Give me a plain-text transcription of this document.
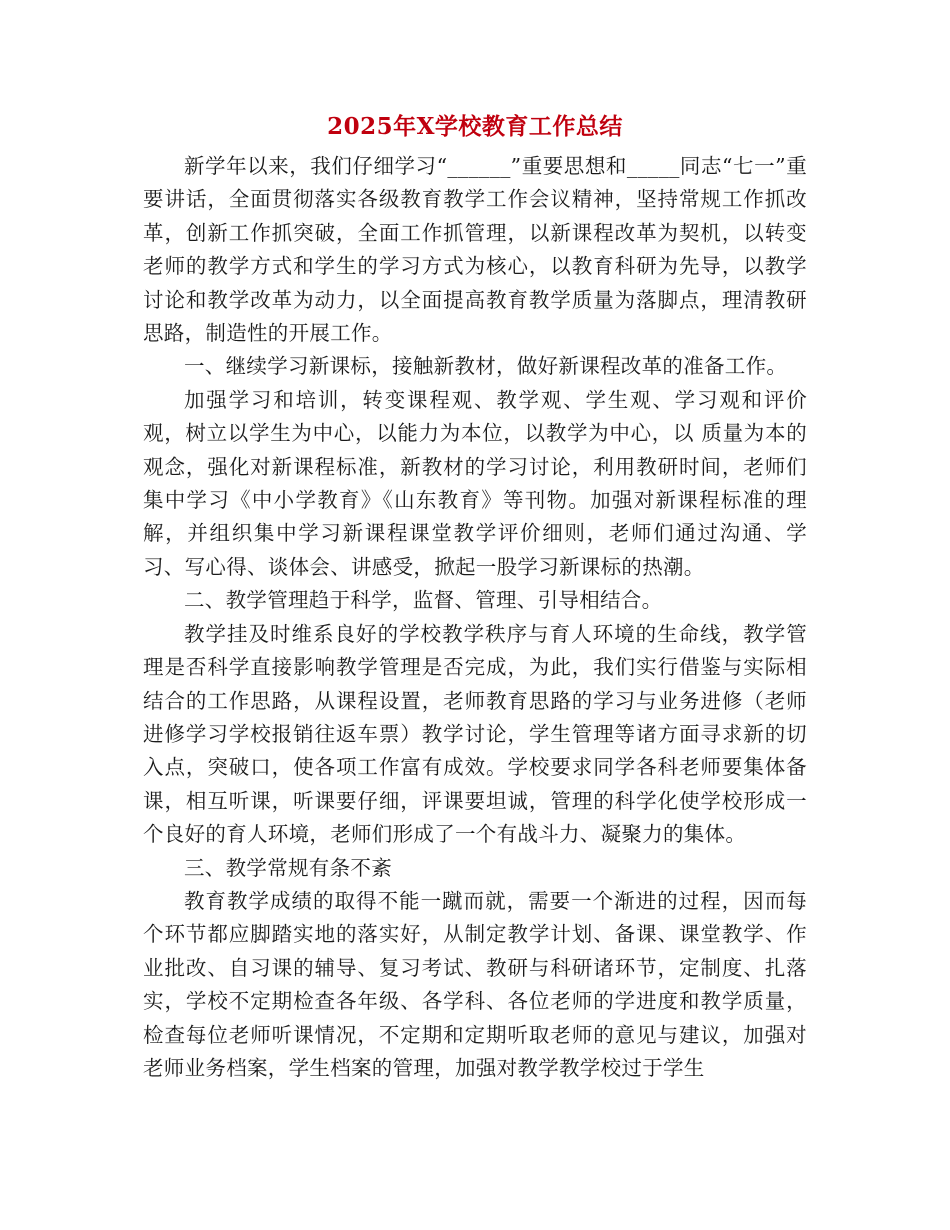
2025年X学校教育工作总结

新学年以来，我们仔细学习“______”重要思想和_____同志“七一”重要讲话，全面贯彻落实各级教育教学工作会议精神，坚持常规工作抓改革，创新工作抓突破，全面工作抓管理，以新课程改革为契机，以转变老师的教学方式和学生的学习方式为核心，以教育科研为先导，以教学讨论和教学改革为动力，以全面提高教育教学质量为落脚点，理清教研思路，制造性的开展工作。

一、继续学习新课标，接触新教材，做好新课程改革的准备工作。

加强学习和培训，转变课程观、教学观、学生观、学习观和评价观，树立以学生为中心，以能力为本位，以教学为中心，以 质量为本的观念，强化对新课程标准，新教材的学习讨论，利用教研时间，老师们集中学习《中小学教育》《山东教育》等刊物。加强对新课程标准的理解，并组织集中学习新课程课堂教学评价细则，老师们通过沟通、学习、写心得、谈体会、讲感受，掀起一股学习新课标的热潮。

二、教学管理趋于科学，监督、管理、引导相结合。

教学挂及时维系良好的学校教学秩序与育人环境的生命线，教学管理是否科学直接影响教学管理是否完成，为此，我们实行借鉴与实际相结合的工作思路，从课程设置，老师教育思路的学习与业务进修（老师进修学习学校报销往返车票）教学讨论，学生管理等诸方面寻求新的切入点，突破口，使各项工作富有成效。学校要求同学各科老师要集体备课，相互听课，听课要仔细，评课要坦诚，管理的科学化使学校形成一个良好的育人环境，老师们形成了一个有战斗力、凝聚力的集体。

三、教学常规有条不紊

教育教学成绩的取得不能一蹴而就，需要一个渐进的过程，因而每个环节都应脚踏实地的落实好，从制定教学计划、备课、课堂教学、作业批改、自习课的辅导、复习考试、教研与科研诸环节，定制度、扎落实，学校不定期检查各年级、各学科、各位老师的学进度和教学质量，检查每位老师听课情况，不定期和定期听取老师的意见与建议，加强对老师业务档案，学生档案的管理，加强对教学教学校过于学生
